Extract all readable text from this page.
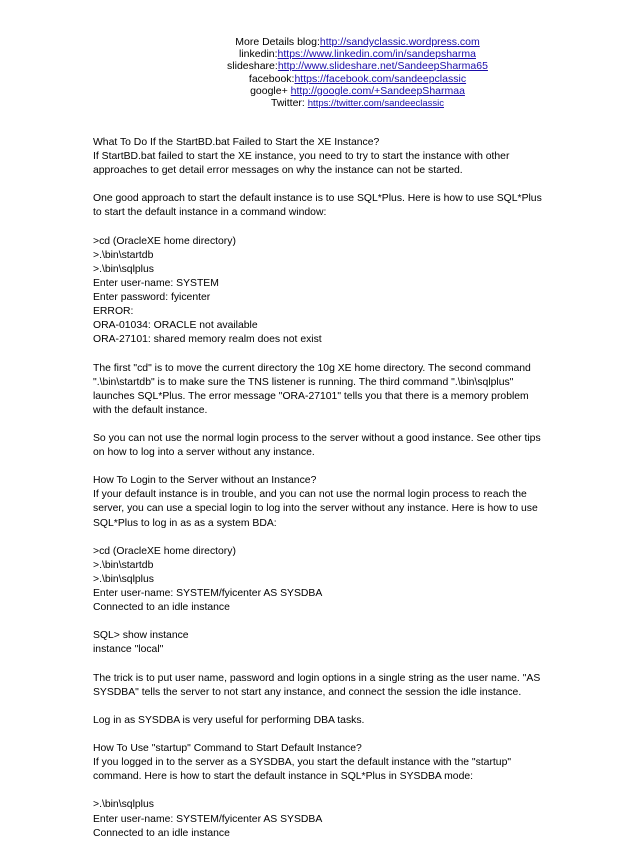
More Details blog:http://sandyclassic.wordpress.com
linkedin:https://www.linkedin.com/in/sandepsharma
slideshare:http://www.slideshare.net/SandeepSharma65
facebook:https://facebook.com/sandeepclassic
google+ http://google.com/+SandeepSharmaa
Twitter: https://twitter.com/sandeeclassic
What To Do If the StartBD.bat Failed to Start the XE Instance?
If StartBD.bat failed to start the XE instance, you need to try to start the instance with other
approaches to get detail error messages on why the instance can not be started.
One good approach to start the default instance is to use SQL*Plus. Here is how to use SQL*Plus
to start the default instance in a command window:
>cd (OracleXE home directory)
>.\bin\startdb
>.\bin\sqlplus
Enter user-name: SYSTEM
Enter password: fyicenter
ERROR:
ORA-01034: ORACLE not available
ORA-27101: shared memory realm does not exist
The first "cd" is to move the current directory the 10g XE home directory. The second command
".\bin\startdb" is to make sure the TNS listener is running. The third command ".\bin\sqlplus"
launches SQL*Plus. The error message "ORA-27101" tells you that there is a memory problem
with the default instance.
So you can not use the normal login process to the server without a good instance. See other tips
on how to log into a server without any instance.
How To Login to the Server without an Instance?
If your default instance is in trouble, and you can not use the normal login process to reach the
server, you can use a special login to log into the server without any instance. Here is how to use
SQL*Plus to log in as as a system BDA:
>cd (OracleXE home directory)
>.\bin\startdb
>.\bin\sqlplus
Enter user-name: SYSTEM/fyicenter AS SYSDBA
Connected to an idle instance
SQL> show instance
instance "local"
The trick is to put user name, password and login options in a single string as the user name. "AS
SYSDBA" tells the server to not start any instance, and connect the session the idle instance.
Log in as SYSDBA is very useful for performing DBA tasks.
How To Use "startup" Command to Start Default Instance?
If you logged in to the server as a SYSDBA, you start the default instance with the "startup"
command. Here is how to start the default instance in SQL*Plus in SYSDBA mode:
>.\bin\sqlplus
Enter user-name: SYSTEM/fyicenter AS SYSDBA
Connected to an idle instance
